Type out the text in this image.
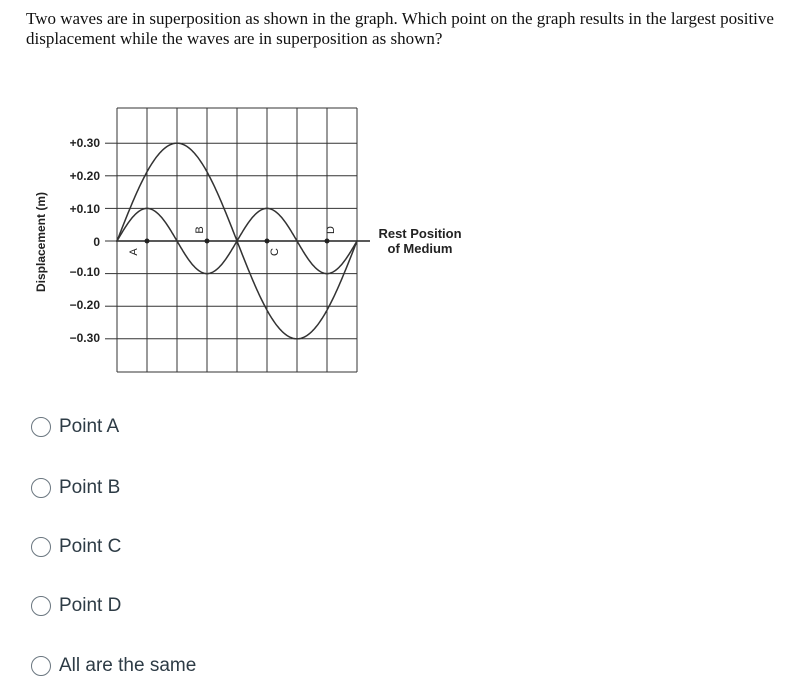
Two waves are in superposition as shown in the graph. Which point on the graph results in the largest positive displacement while the waves are in superposition as shown?
Displacement (m)
+0.30
+0.20
+0.10
0
−0.10
−0.20
−0.30
A
B
C
D	Rest Position
of Medium
Point A
Point B
Point C
Point D
All are the same
